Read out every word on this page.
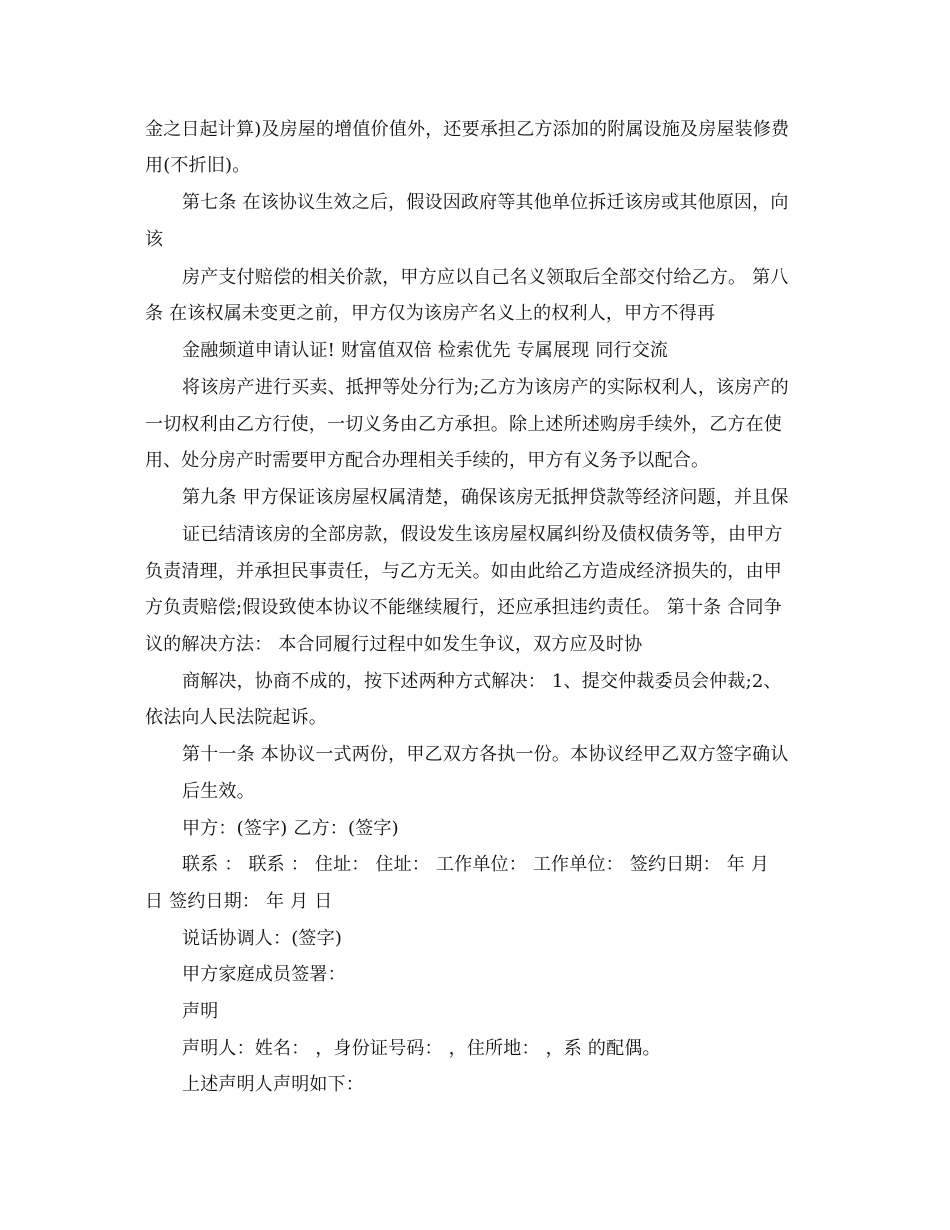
金之日起计算)及房屋的增值价值外，还要承担乙方添加的附属设施及房屋装修费
用(不折旧)。
第七条 在该协议生效之后，假设因政府等其他单位拆迁该房或其他原因，向
该
房产支付赔偿的相关价款，甲方应以自己名义领取后全部交付给乙方。 第八
条 在该权属未变更之前，甲方仅为该房产名义上的权利人，甲方不得再
金融频道申请认证! 财富值双倍 检索优先 专属展现 同行交流
将该房产进行买卖、抵押等处分行为;乙方为该房产的实际权利人，该房产的
一切权利由乙方行使，一切义务由乙方承担。除上述所述购房手续外，乙方在使
用、处分房产时需要甲方配合办理相关手续的，甲方有义务予以配合。
第九条 甲方保证该房屋权属清楚，确保该房无抵押贷款等经济问题，并且保
证已结清该房的全部房款，假设发生该房屋权属纠纷及债权债务等，由甲方
负责清理，并承担民事责任，与乙方无关。如由此给乙方造成经济损失的，由甲
方负责赔偿;假设致使本协议不能继续履行，还应承担违约责任。 第十条 合同争
议的解决方法： 本合同履行过程中如发生争议，双方应及时协
商解决，协商不成的，按下述两种方式解决： 1、提交仲裁委员会仲裁;2、
依法向人民法院起诉。
第十一条 本协议一式两份，甲乙双方各执一份。本协议经甲乙双方签字确认
后生效。
甲方：(签字) 乙方：(签字)
联系 ： 联系 ： 住址： 住址： 工作单位： 工作单位： 签约日期： 年 月
日 签约日期： 年 月 日
说话协调人：(签字)
甲方家庭成员签署：
声明
声明人：姓名： ，身份证号码： ，住所地： ，系 的配偶。
上述声明人声明如下：
